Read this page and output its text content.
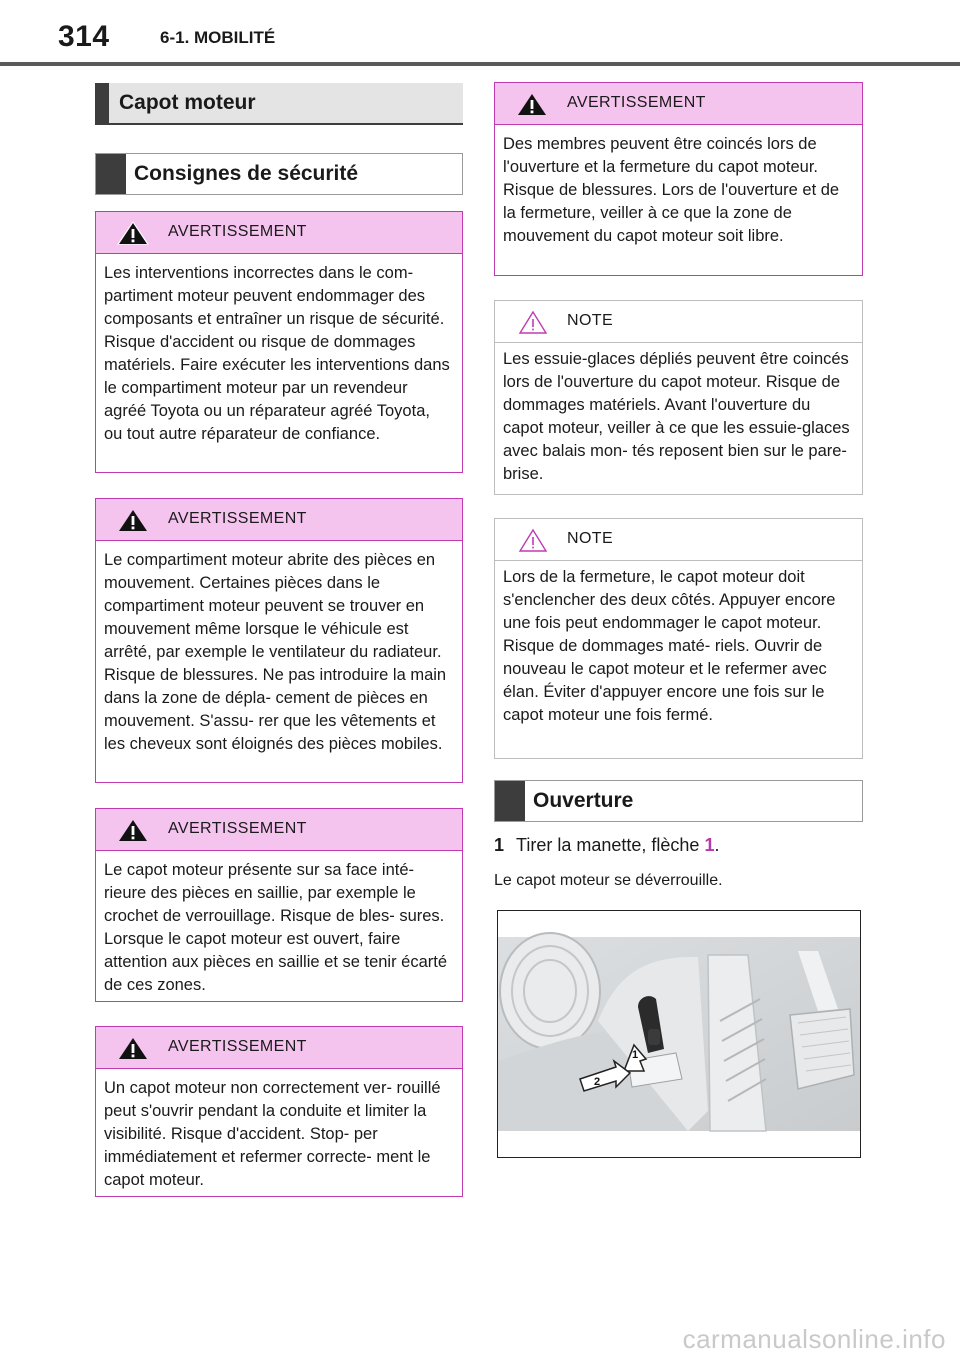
314	6-1. MOBILITÉ
Capot moteur
Consignes de sécurité
AVERTISSEMENT
Les interventions incorrectes dans le com- partiment moteur peuvent endommager des composants et entraîner un risque de sécurité. Risque d'accident ou risque de dommages matériels. Faire exécuter les interventions dans le compartiment moteur par un revendeur agréé Toyota ou un réparateur agréé Toyota, ou tout autre réparateur de confiance.
AVERTISSEMENT
Le compartiment moteur abrite des pièces en mouvement. Certaines pièces dans le compartiment moteur peuvent se trouver en mouvement même lorsque le véhicule est arrêté, par exemple le ventilateur du radiateur. Risque de blessures. Ne pas introduire la main dans la zone de dépla- cement de pièces en mouvement. S'assu- rer que les vêtements et les cheveux sont éloignés des pièces mobiles.
AVERTISSEMENT
Le capot moteur présente sur sa face inté- rieure des pièces en saillie, par exemple le crochet de verrouillage. Risque de bles- sures. Lorsque le capot moteur est ouvert, faire attention aux pièces en saillie et se tenir écarté de ces zones.
AVERTISSEMENT
Un capot moteur non correctement ver- rouillé peut s'ouvrir pendant la conduite et limiter la visibilité. Risque d'accident. Stop- per immédiatement et refermer correcte- ment le capot moteur.
AVERTISSEMENT
Des membres peuvent être coincés lors de l'ouverture et la fermeture du capot moteur. Risque de blessures. Lors de l'ouverture et de la fermeture, veiller à ce que la zone de mouvement du capot moteur soit libre.
NOTE
Les essuie-glaces dépliés peuvent être coincés lors de l'ouverture du capot moteur. Risque de dommages matériels. Avant l'ouverture du capot moteur, veiller à ce que les essuie-glaces avec balais mon- tés reposent bien sur le pare-brise.
NOTE
Lors de la fermeture, le capot moteur doit s'enclencher des deux côtés. Appuyer encore une fois peut endommager le capot moteur. Risque de dommages maté- riels. Ouvrir de nouveau le capot moteur et le refermer avec élan. Éviter d'appuyer encore une fois sur le capot moteur une fois fermé.
Ouverture
1 Tirer la manette, flèche 1.
Le capot moteur se déverrouille.
1
2
carmanualsonline.info
